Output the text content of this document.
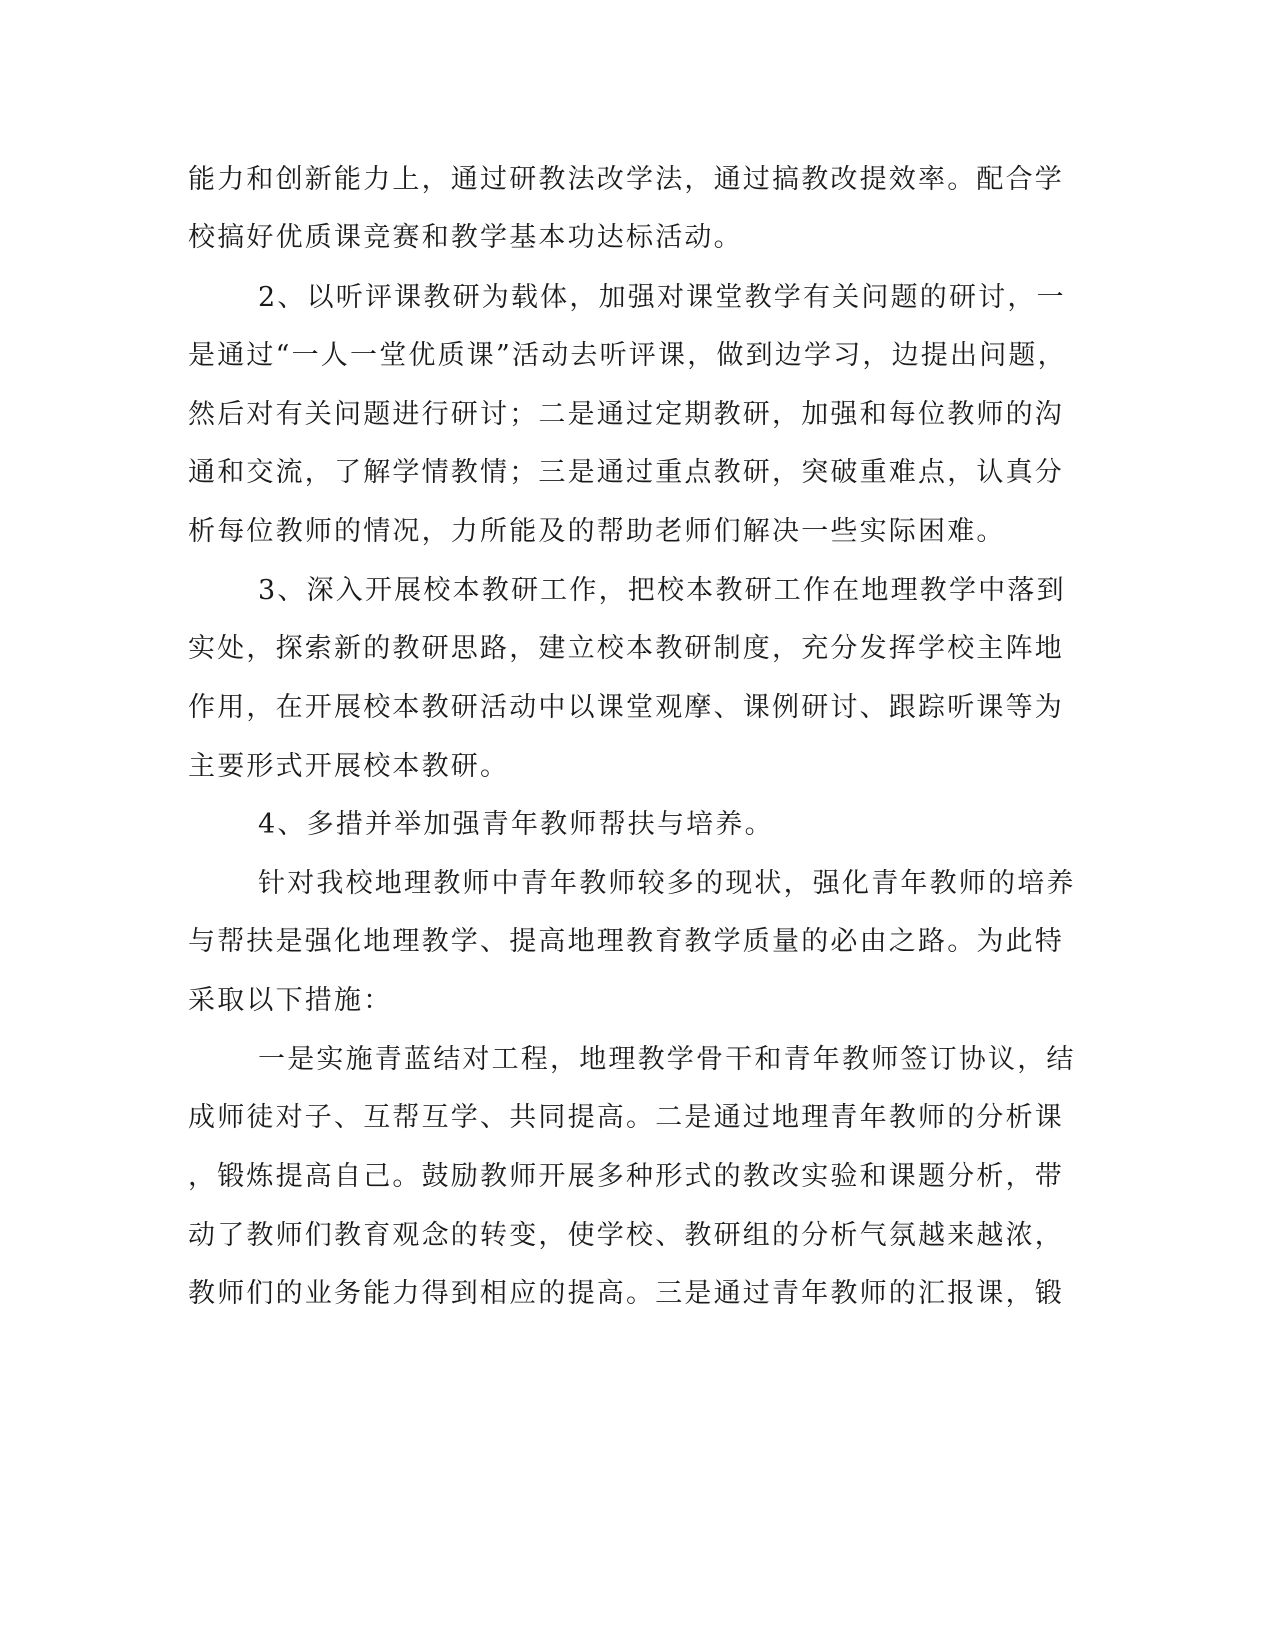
能力和创新能力上，通过研教法改学法，通过搞教改提效率。配合学
校搞好优质课竞赛和教学基本功达标活动。
2、以听评课教研为载体，加强对课堂教学有关问题的研讨，一
是通过“一人一堂优质课”活动去听评课，做到边学习，边提出问题，
然后对有关问题进行研讨；二是通过定期教研，加强和每位教师的沟
通和交流，了解学情教情；三是通过重点教研，突破重难点，认真分
析每位教师的情况，力所能及的帮助老师们解决一些实际困难。
3、深入开展校本教研工作，把校本教研工作在地理教学中落到
实处，探索新的教研思路，建立校本教研制度，充分发挥学校主阵地
作用，在开展校本教研活动中以课堂观摩、课例研讨、跟踪听课等为
主要形式开展校本教研。
4、多措并举加强青年教师帮扶与培养。
针对我校地理教师中青年教师较多的现状，强化青年教师的培养
与帮扶是强化地理教学、提高地理教育教学质量的必由之路。为此特
采取以下措施：
一是实施青蓝结对工程，地理教学骨干和青年教师签订协议，结
成师徒对子、互帮互学、共同提高。二是通过地理青年教师的分析课
，锻炼提高自己。鼓励教师开展多种形式的教改实验和课题分析，带
动了教师们教育观念的转变，使学校、教研组的分析气氛越来越浓，
教师们的业务能力得到相应的提高。三是通过青年教师的汇报课，锻
